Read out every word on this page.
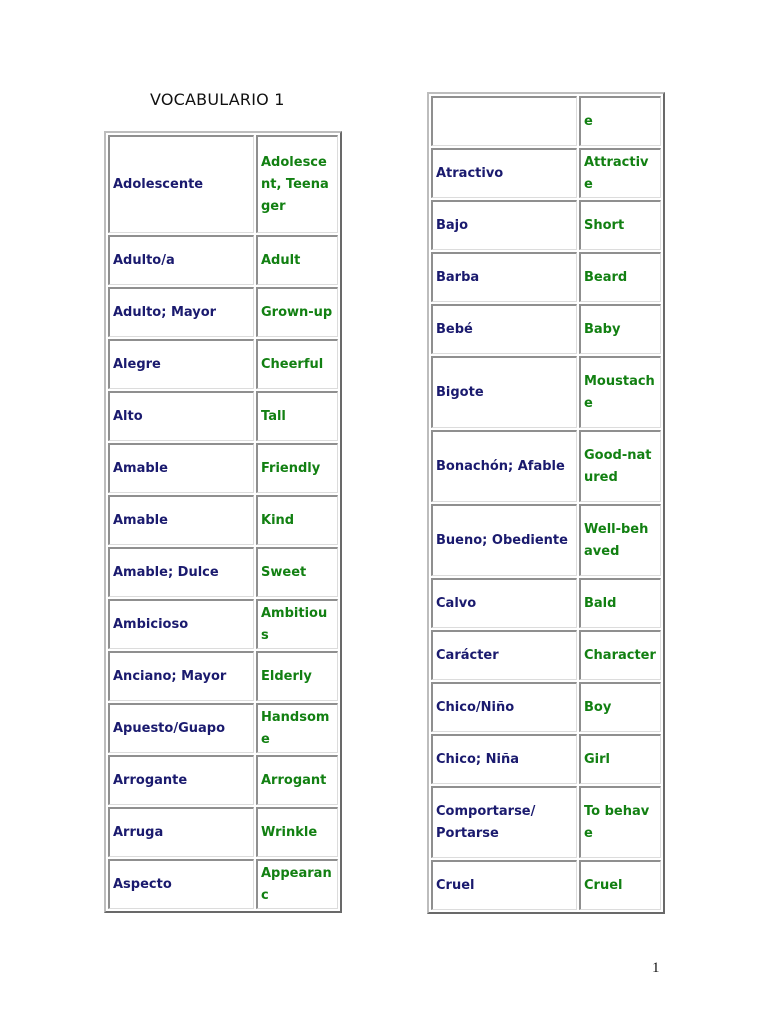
VOCABULARIO 1
Adolescente	Adolescent, Teenager
Adulto/a	Adult
Adulto; Mayor	Grown-up
Alegre	Cheerful
Alto	Tall
Amable	Friendly
Amable	Kind
Amable; Dulce	Sweet
Ambicioso	Ambitious
Anciano; Mayor	Elderly
Apuesto/Guapo	Handsome
Arrogante	Arrogant
Arruga	Wrinkle
Aspecto	Appearanc
	e
Atractivo	Attractive
Bajo	Short
Barba	Beard
Bebé	Baby
Bigote	Moustache
Bonachón; Afable	Good-natured
Bueno; Obediente	Well-behaved
Calvo	Bald
Carácter	Character
Chico/Niño	Boy
Chico; Niña	Girl
Comportarse/ Portarse	To behave
Cruel	Cruel
1
